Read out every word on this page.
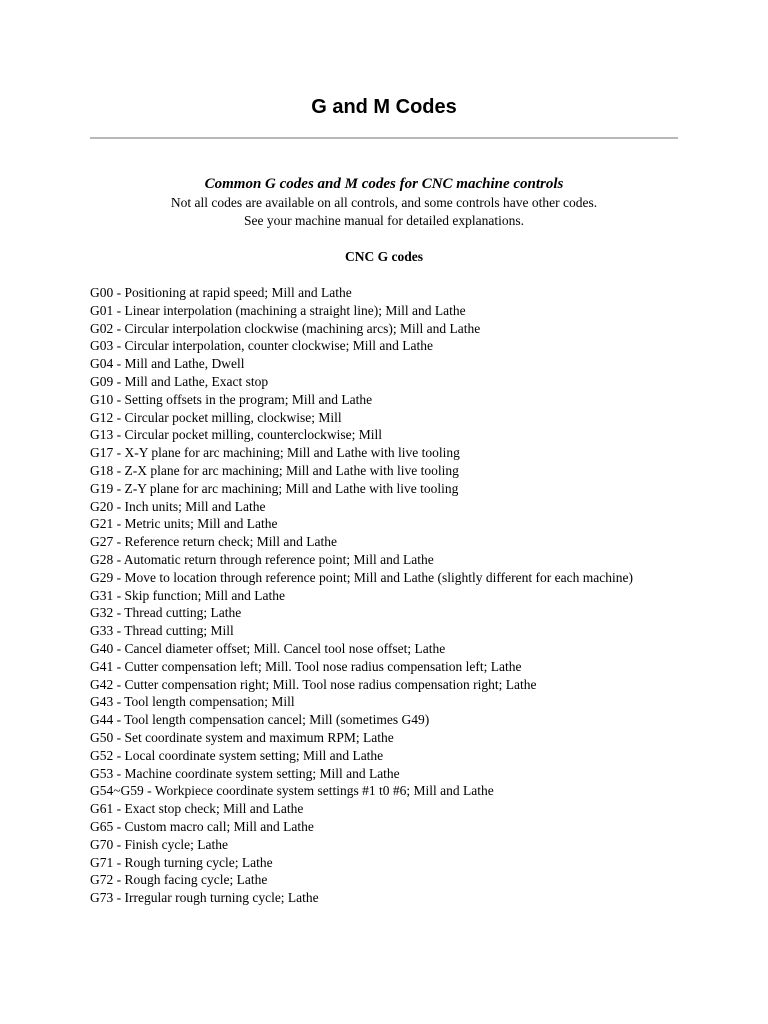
G and M Codes
Common G codes and M codes for CNC machine controls
Not all codes are available on all controls, and some controls have other codes.
See your machine manual for detailed explanations.
CNC G codes
G00 - Positioning at rapid speed; Mill and Lathe
G01 - Linear interpolation (machining a straight line); Mill and Lathe
G02 - Circular interpolation clockwise (machining arcs); Mill and Lathe
G03 - Circular interpolation, counter clockwise; Mill and Lathe
G04 - Mill and Lathe, Dwell
G09 - Mill and Lathe, Exact stop
G10 - Setting offsets in the program; Mill and Lathe
G12 - Circular pocket milling, clockwise; Mill
G13 - Circular pocket milling, counterclockwise; Mill
G17 - X-Y plane for arc machining; Mill and Lathe with live tooling
G18 - Z-X plane for arc machining; Mill and Lathe with live tooling
G19 - Z-Y plane for arc machining; Mill and Lathe with live tooling
G20 - Inch units; Mill and Lathe
G21 - Metric units; Mill and Lathe
G27 - Reference return check; Mill and Lathe
G28 - Automatic return through reference point; Mill and Lathe
G29 - Move to location through reference point; Mill and Lathe (slightly different for each machine)
G31 - Skip function; Mill and Lathe
G32 - Thread cutting; Lathe
G33 - Thread cutting; Mill
G40 - Cancel diameter offset; Mill. Cancel tool nose offset; Lathe
G41 - Cutter compensation left; Mill. Tool nose radius compensation left; Lathe
G42 - Cutter compensation right; Mill. Tool nose radius compensation right; Lathe
G43 - Tool length compensation; Mill
G44 - Tool length compensation cancel; Mill (sometimes G49)
G50 - Set coordinate system and maximum RPM; Lathe
G52 - Local coordinate system setting; Mill and Lathe
G53 - Machine coordinate system setting; Mill and Lathe
G54~G59 - Workpiece coordinate system settings #1 t0 #6; Mill and Lathe
G61 - Exact stop check; Mill and Lathe
G65 - Custom macro call; Mill and Lathe
G70 - Finish cycle; Lathe
G71 - Rough turning cycle; Lathe
G72 - Rough facing cycle; Lathe
G73 - Irregular rough turning cycle; Lathe
